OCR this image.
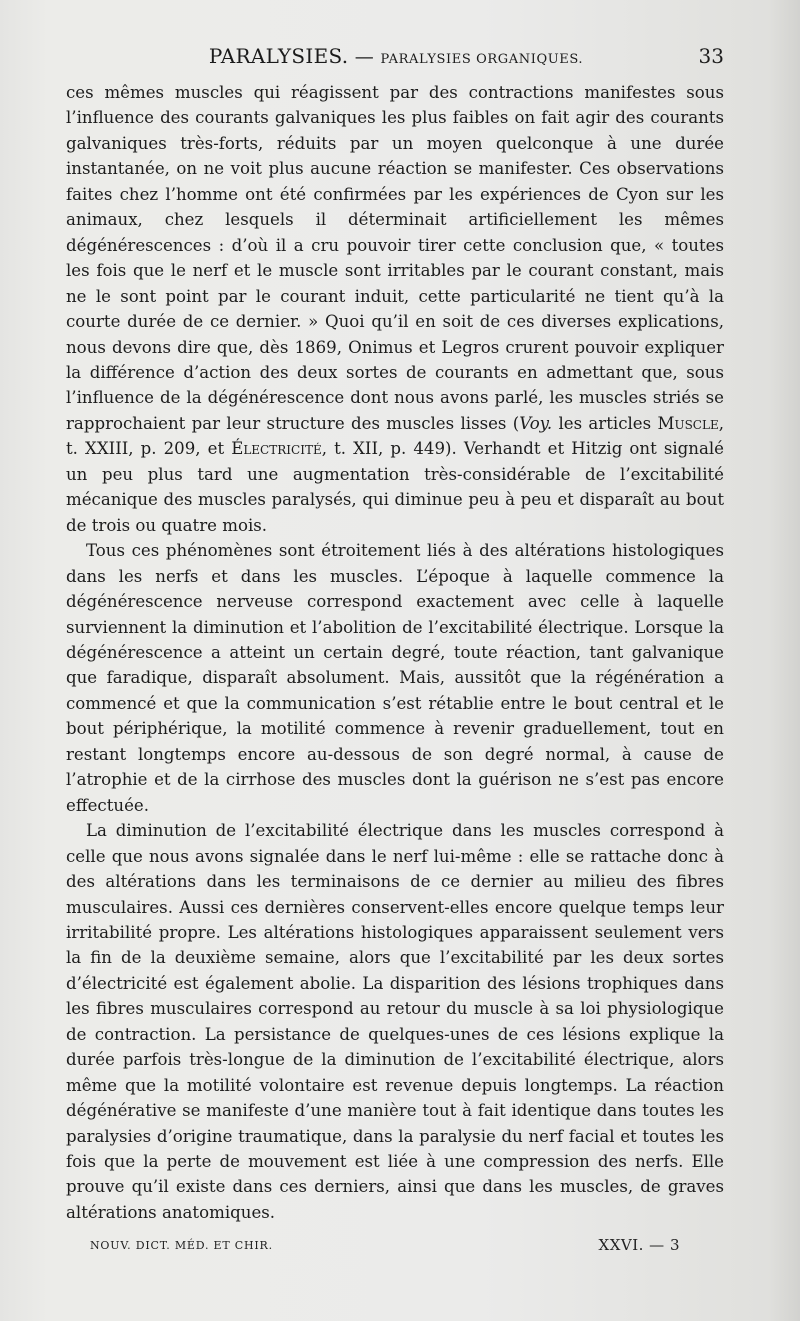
PARALYSIES. — PARALYSIES ORGANIQUES.	33

ces mêmes muscles qui réagissent par des contractions manifestes sous l’influence des courants galvaniques les plus faibles on fait agir des courants galvaniques très-forts, réduits par un moyen quelconque à une durée instantanée, on ne voit plus aucune réaction se manifester. Ces observations faites chez l’homme ont été confirmées par les expériences de Cyon sur les animaux, chez lesquels il déterminait artificiellement les mêmes dégénérescences : d’où il a cru pouvoir tirer cette conclusion que, « toutes les fois que le nerf et le muscle sont irritables par le courant constant, mais ne le sont point par le courant induit, cette particularité ne tient qu’à la courte durée de ce dernier. » Quoi qu’il en soit de ces diverses explications, nous devons dire que, dès 1869, Onimus et Legros crurent pouvoir expliquer la différence d’action des deux sortes de courants en admettant que, sous l’influence de la dégénérescence dont nous avons parlé, les muscles striés se rapprochaient par leur structure des muscles lisses (Voy. les articles Muscle, t. XXIII, p. 209, et Électricité, t. XII, p. 449). Verhandt et Hitzig ont signalé un peu plus tard une augmentation très-considérable de l’excitabilité mécanique des muscles paralysés, qui diminue peu à peu et disparaît au bout de trois ou quatre mois.

Tous ces phénomènes sont étroitement liés à des altérations histologiques dans les nerfs et dans les muscles. L’époque à laquelle commence la dégénérescence nerveuse correspond exactement avec celle à laquelle surviennent la diminution et l’abolition de l’excitabilité électrique. Lorsque la dégénérescence a atteint un certain degré, toute réaction, tant galvanique que faradique, disparaît absolument. Mais, aussitôt que la régénération a commencé et que la communication s’est rétablie entre le bout central et le bout périphérique, la motilité commence à revenir graduellement, tout en restant longtemps encore au-dessous de son degré normal, à cause de l’atrophie et de la cirrhose des muscles dont la guérison ne s’est pas encore effectuée.

La diminution de l’excitabilité électrique dans les muscles correspond à celle que nous avons signalée dans le nerf lui-même : elle se rattache donc à des altérations dans les terminaisons de ce dernier au milieu des fibres musculaires. Aussi ces dernières conservent-elles encore quelque temps leur irritabilité propre. Les altérations histologiques apparaissent seulement vers la fin de la deuxième semaine, alors que l’excitabilité par les deux sortes d’électricité est également abolie. La disparition des lésions trophiques dans les fibres musculaires correspond au retour du muscle à sa loi physiologique de contraction. La persistance de quelques-unes de ces lésions explique la durée parfois très-longue de la diminution de l’excitabilité électrique, alors même que la motilité volontaire est revenue depuis longtemps. La réaction dégénérative se manifeste d’une manière tout à fait identique dans toutes les paralysies d’origine traumatique, dans la paralysie du nerf facial et toutes les fois que la perte de mouvement est liée à une compression des nerfs. Elle prouve qu’il existe dans ces derniers, ainsi que dans les muscles, de graves altérations anatomiques.

NOUV. DICT. MÉD. ET CHIR.	XXVI. — 3
